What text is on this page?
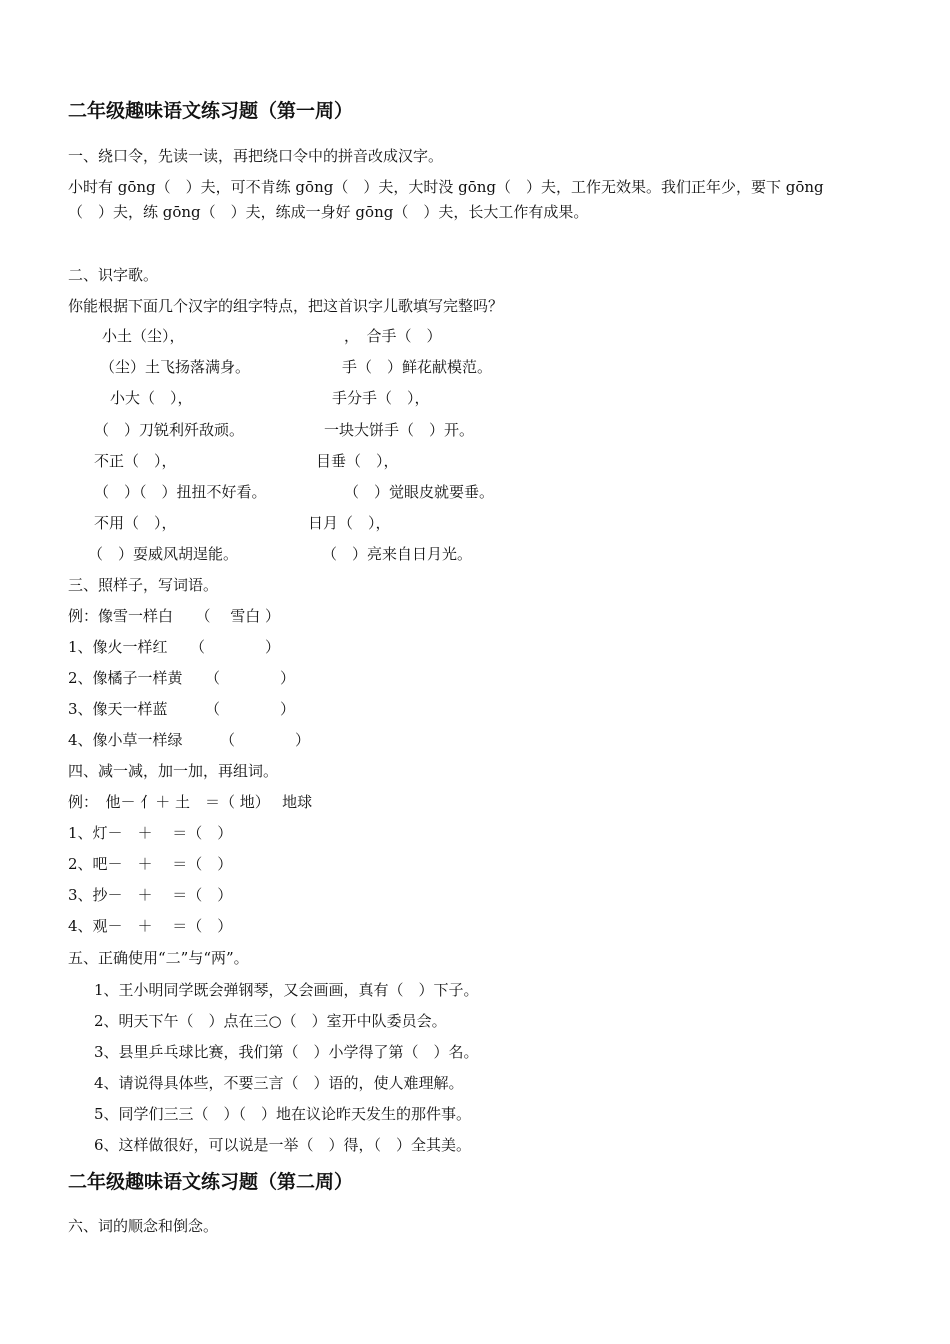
二年级趣味语文练习题（第一周）
一、绕口令，先读一读，再把绕口令中的拼音改成汉字。
小时有 gōng（　）夫，可不肯练 gōng（　）夫，大时没 gōng（　）夫，工作无效果。我们正年少，要下 gōng
（　）夫，练 gōng（　）夫，练成一身好 gōng（　）夫，长大工作有成果。
二、识字歌。
你能根据下面几个汉字的组字特点，把这首识字儿歌填写完整吗？
小土（尘），	，　合手（　）
（尘）土飞扬落满身。	手（　）鲜花献模范。
小大（　），	手分手（　），
（　）刀锐利歼敌顽。	一块大饼手（　）开。
不正（　），	目垂（　），
（　）（　）扭扭不好看。	（　）觉眼皮就要垂。
不用（　），	日月（　），
（　）耍威风胡逞能。	（　）亮来自日月光。
三、照样子，写词语。
例：像雪一样白　　（　 雪白 ）
1、像火一样红　　（　　　　）
2、像橘子一样黄　　（　　　　）
3、像天一样蓝　　　（　　　　）
4、像小草一样绿　　　（　　　　）
四、减一减，加一加，再组词。
例：　他－ 亻＋ 土　＝（ 地）　 地球
1、灯－　＋　 ＝（　）
2、吧－　＋　 ＝（　）
3、抄－　＋　 ＝（　）
4、观－　＋　 ＝（　）
五、正确使用“二”与“两”。
1、王小明同学既会弹钢琴，又会画画，真有（　）下子。
2、明天下午（　）点在三○（　）室开中队委员会。
3、县里乒乓球比赛，我们第（　）小学得了第（　）名。
4、请说得具体些，不要三言（　）语的，使人难理解。
5、同学们三三（　）（　）地在议论昨天发生的那件事。
6、这样做很好，可以说是一举（　）得，（　）全其美。
二年级趣味语文练习题（第二周）
六、词的顺念和倒念。
